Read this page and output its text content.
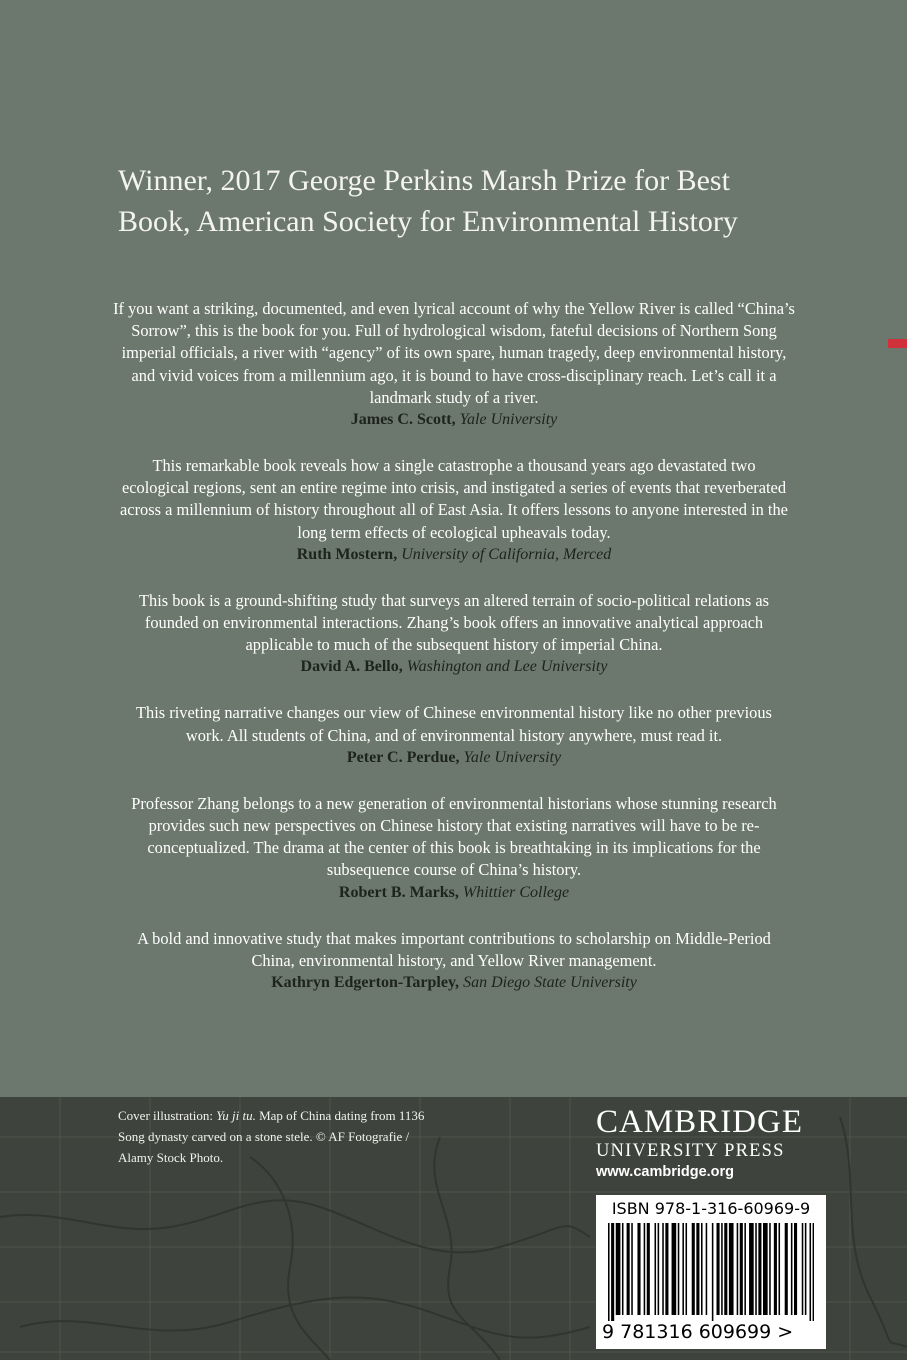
Winner, 2017 George Perkins Marsh Prize for Best
Book, American Society for Environmental History
If you want a striking, documented, and even lyrical account of why the Yellow River is called “China’s
Sorrow”, this is the book for you. Full of hydrological wisdom, fateful decisions of Northern Song
imperial officials, a river with “agency” of its own spare, human tragedy, deep environmental history,
and vivid voices from a millennium ago, it is bound to have cross-disciplinary reach. Let’s call it a
landmark study of a river.
James C. Scott, Yale University
This remarkable book reveals how a single catastrophe a thousand years ago devastated two
ecological regions, sent an entire regime into crisis, and instigated a series of events that reverberated
across a millennium of history throughout all of East Asia. It offers lessons to anyone interested in the
long term effects of ecological upheavals today.
Ruth Mostern, University of California, Merced
This book is a ground-shifting study that surveys an altered terrain of socio-political relations as
founded on environmental interactions. Zhang’s book offers an innovative analytical approach
applicable to much of the subsequent history of imperial China.
David A. Bello, Washington and Lee University
This riveting narrative changes our view of Chinese environmental history like no other previous
work. All students of China, and of environmental history anywhere, must read it.
Peter C. Perdue, Yale University
Professor Zhang belongs to a new generation of environmental historians whose stunning research
provides such new perspectives on Chinese history that existing narratives will have to be re-
conceptualized. The drama at the center of this book is breathtaking in its implications for the
subsequence course of China’s history.
Robert B. Marks, Whittier College
A bold and innovative study that makes important contributions to scholarship on Middle-Period
China, environmental history, and Yellow River management.
Kathryn Edgerton-Tarpley, San Diego State University
Cover illustration: Yu ji tu. Map of China dating from 1136
Song dynasty carved on a stone stele. © AF Fotografie /
Alamy Stock Photo.
CAMBRIDGE
UNIVERSITY PRESS
www.cambridge.org
ISBN 978-1-316-60969-9
9 781316 609699 >
